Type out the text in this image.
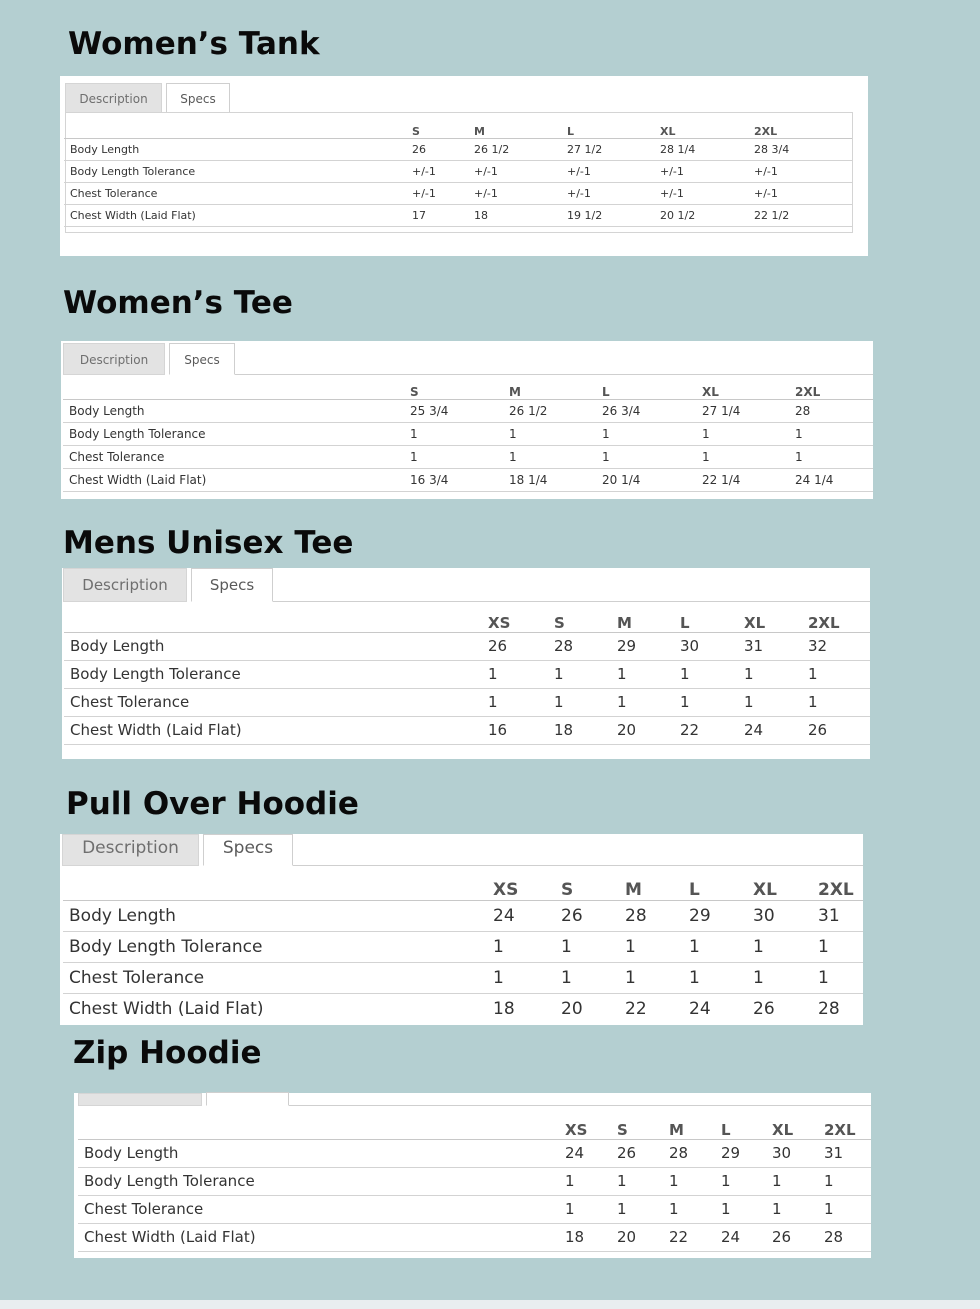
Women’s Tank
Description	Specs
	S	M	L	XL	2XL
Body Length	26	26 1/2	27 1/2	28 1/4	28 3/4
Body Length Tolerance	+/-1	+/-1	+/-1	+/-1	+/-1
Chest Tolerance	+/-1	+/-1	+/-1	+/-1	+/-1
Chest Width (Laid Flat)	17	18	19 1/2	20 1/2	22 1/2
Women’s Tee
Description	Specs
	S	M	L	XL	2XL
Body Length	25 3/4	26 1/2	26 3/4	27 1/4	28
Body Length Tolerance	1	1	1	1	1
Chest Tolerance	1	1	1	1	1
Chest Width (Laid Flat)	16 3/4	18 1/4	20 1/4	22 1/4	24 1/4
Mens Unisex Tee
Description	Specs
	XS	S	M	L	XL	2XL
Body Length	26	28	29	30	31	32
Body Length Tolerance	1	1	1	1	1	1
Chest Tolerance	1	1	1	1	1	1
Chest Width (Laid Flat)	16	18	20	22	24	26
Pull Over Hoodie
Description	Specs
	XS	S	M	L	XL	2XL
Body Length	24	26	28	29	30	31
Body Length Tolerance	1	1	1	1	1	1
Chest Tolerance	1	1	1	1	1	1
Chest Width (Laid Flat)	18	20	22	24	26	28
Zip Hoodie
	XS	S	M	L	XL	2XL
Body Length	24	26	28	29	30	31
Body Length Tolerance	1	1	1	1	1	1
Chest Tolerance	1	1	1	1	1	1
Chest Width (Laid Flat)	18	20	22	24	26	28
